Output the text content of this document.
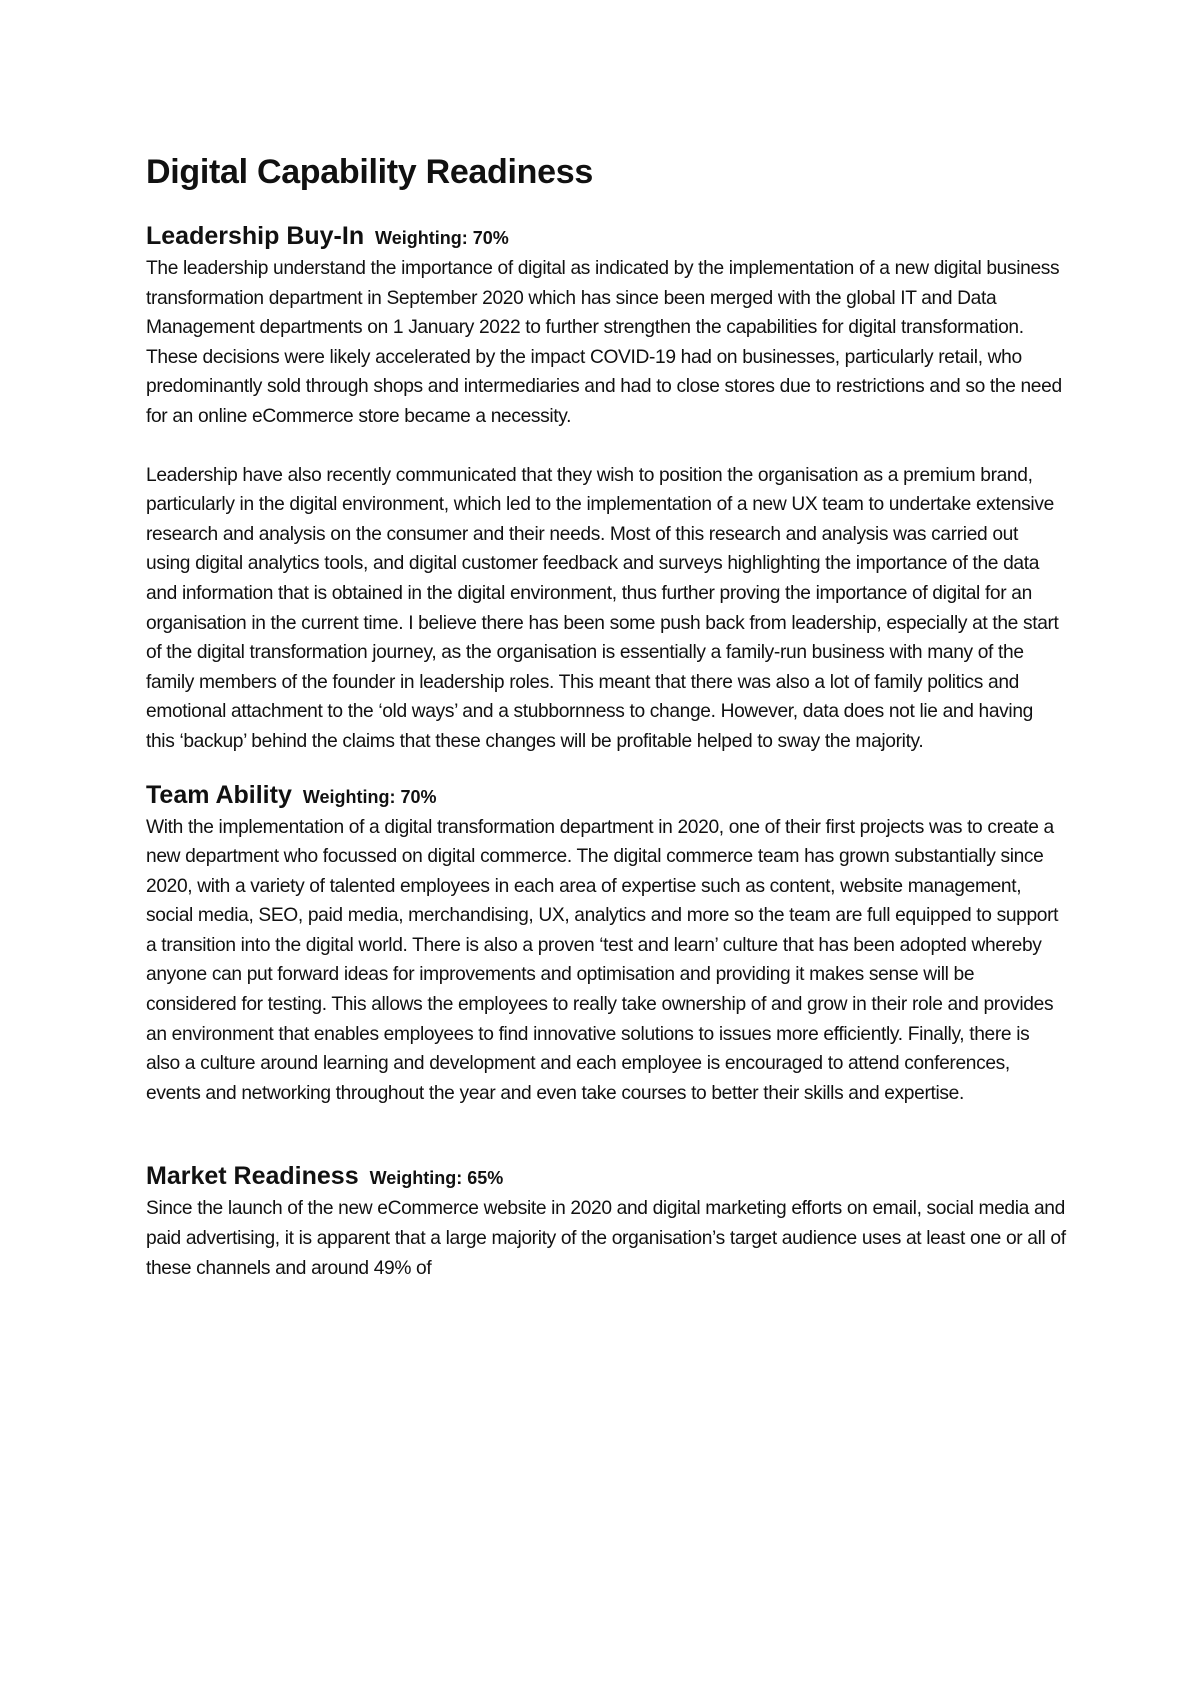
Digital Capability Readiness
Leadership Buy-In Weighting: 70%

The leadership understand the importance of digital as indicated by the implementation of a new digital business transformation department in September 2020 which has since been merged with the global IT and Data Management departments on 1 January 2022 to further strengthen the capabilities for digital transformation. These decisions were likely accelerated by the impact COVID-19 had on businesses, particularly retail, who predominantly sold through shops and intermediaries and had to close stores due to restrictions and so the need for an online eCommerce store became a necessity.

Leadership have also recently communicated that they wish to position the organisation as a premium brand, particularly in the digital environment, which led to the implementation of a new UX team to undertake extensive research and analysis on the consumer and their needs. Most of this research and analysis was carried out using digital analytics tools, and digital customer feedback and surveys highlighting the importance of the data and information that is obtained in the digital environment, thus further proving the importance of digital for an organisation in the current time. I believe there has been some push back from leadership, especially at the start of the digital transformation journey, as the organisation is essentially a family-run business with many of the family members of the founder in leadership roles. This meant that there was also a lot of family politics and emotional attachment to the ‘old ways’ and a stubbornness to change. However, data does not lie and having this ‘backup’ behind the claims that these changes will be profitable helped to sway the majority.

Team Ability Weighting: 70%

With the implementation of a digital transformation department in 2020, one of their first projects was to create a new department who focussed on digital commerce. The digital commerce team has grown substantially since 2020, with a variety of talented employees in each area of expertise such as content, website management, social media, SEO, paid media, merchandising, UX, analytics and more so the team are full equipped to support a transition into the digital world. There is also a proven ‘test and learn’ culture that has been adopted whereby anyone can put forward ideas for improvements and optimisation and providing it makes sense will be considered for testing. This allows the employees to really take ownership of and grow in their role and provides an environment that enables employees to find innovative solutions to issues more efficiently. Finally, there is also a culture around learning and development and each employee is encouraged to attend conferences, events and networking throughout the year and even take courses to better their skills and expertise.

Market Readiness Weighting: 65%

Since the launch of the new eCommerce website in 2020 and digital marketing efforts on email, social media and paid advertising, it is apparent that a large majority of the organisation’s target audience uses at least one or all of these channels and around 49% of
